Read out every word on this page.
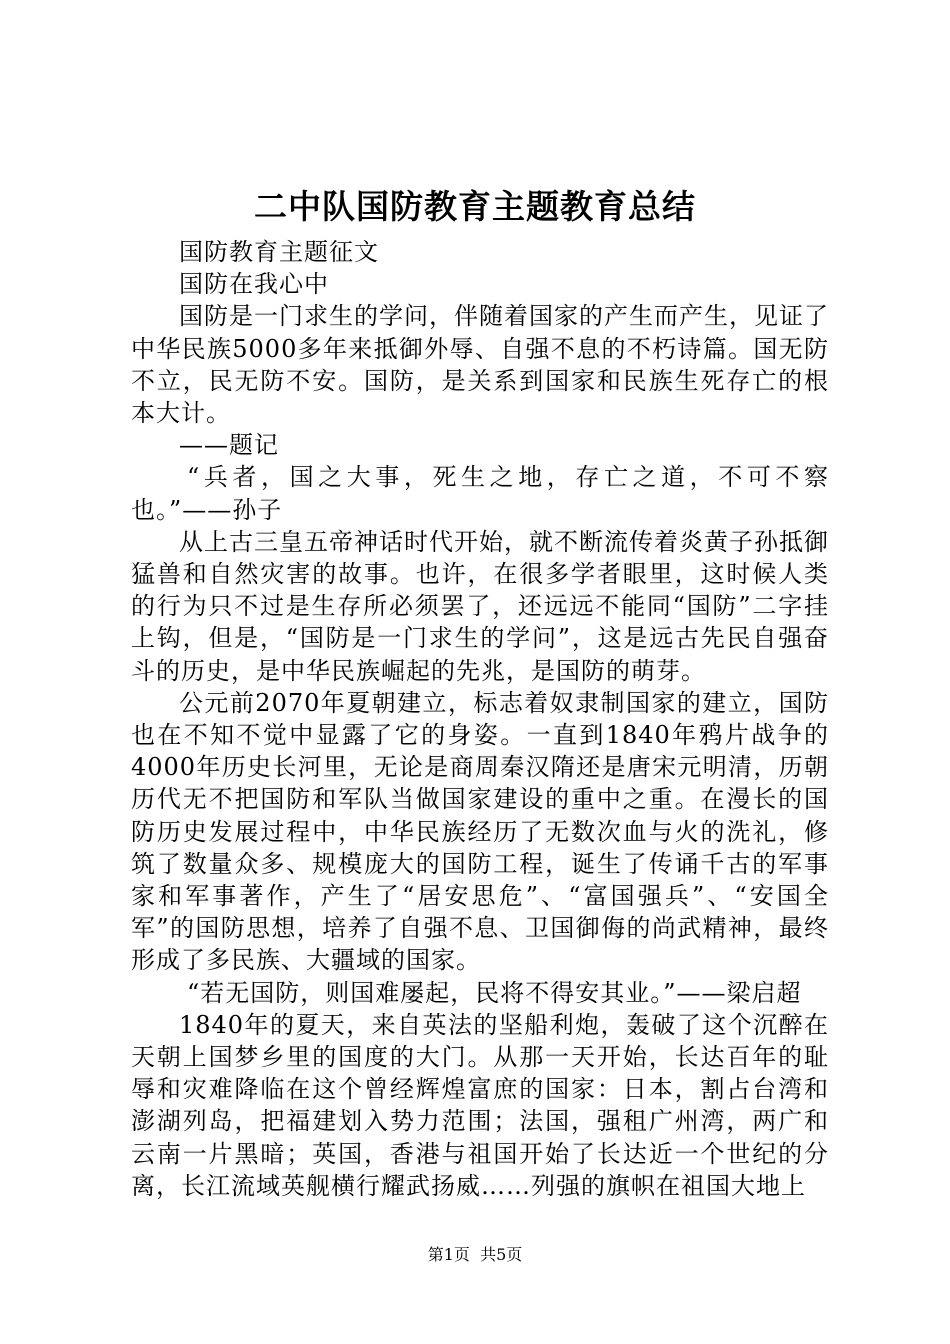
二中队国防教育主题教育总结

国防教育主题征文

国防在我心中

国防是一门求生的学问，伴随着国家的产生而产生，见证了中华民族5000多年来抵御外辱、自强不息的不朽诗篇。国无防不立，民无防不安。国防，是关系到国家和民族生死存亡的根本大计。

——题记

“兵者，国之大事，死生之地，存亡之道，不可不察也。”——孙子

从上古三皇五帝神话时代开始，就不断流传着炎黄子孙抵御猛兽和自然灾害的故事。也许，在很多学者眼里，这时候人类的行为只不过是生存所必须罢了，还远远不能同“国防”二字挂上钩，但是，“国防是一门求生的学问”，这是远古先民自强奋斗的历史，是中华民族崛起的先兆，是国防的萌芽。

公元前2070年夏朝建立，标志着奴隶制国家的建立，国防也在不知不觉中显露了它的身姿。一直到1840年鸦片战争的4000年历史长河里，无论是商周秦汉隋还是唐宋元明清，历朝历代无不把国防和军队当做国家建设的重中之重。在漫长的国防历史发展过程中，中华民族经历了无数次血与火的洗礼，修筑了数量众多、规模庞大的国防工程，诞生了传诵千古的军事家和军事著作，产生了“居安思危”、“富国强兵”、“安国全军”的国防思想，培养了自强不息、卫国御侮的尚武精神，最终形成了多民族、大疆域的国家。

“若无国防，则国难屡起，民将不得安其业。”——梁启超

1840年的夏天，来自英法的坚船利炮，轰破了这个沉醉在天朝上国梦乡里的国度的大门。从那一天开始，长达百年的耻辱和灾难降临在这个曾经辉煌富庶的国家：日本，割占台湾和澎湖列岛，把福建划入势力范围；法国，强租广州湾，两广和云南一片黑暗；英国，香港与祖国开始了长达近一个世纪的分离，长江流域英舰横行耀武扬威……列强的旗帜在祖国大地上

第1页  共5页
